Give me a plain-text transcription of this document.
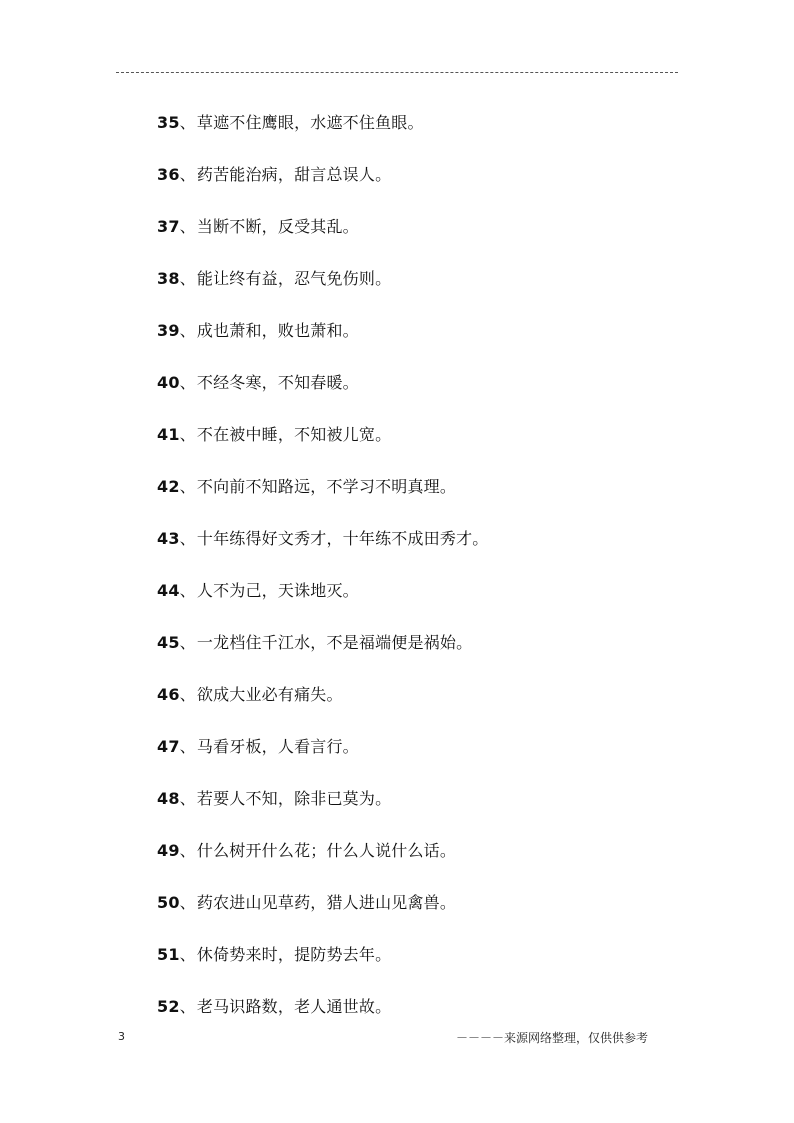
35、草遮不住鹰眼，水遮不住鱼眼。
36、药苦能治病，甜言总误人。
37、当断不断，反受其乱。
38、能让终有益，忍气免伤则。
39、成也萧和，败也萧和。
40、不经冬寒，不知春暖。
41、不在被中睡，不知被儿宽。
42、不向前不知路远，不学习不明真理。
43、十年练得好文秀才，十年练不成田秀才。
44、人不为己，天诛地灭。
45、一龙档住千江水，不是福端便是祸始。
46、欲成大业必有痛失。
47、马看牙板，人看言行。
48、若要人不知，除非已莫为。
49、什么树开什么花；什么人说什么话。
50、药农进山见草药，猎人进山见禽兽。
51、休倚势来时，提防势去年。
52、老马识路数，老人通世故。
3	－－－－来源网络整理，仅供供参考
